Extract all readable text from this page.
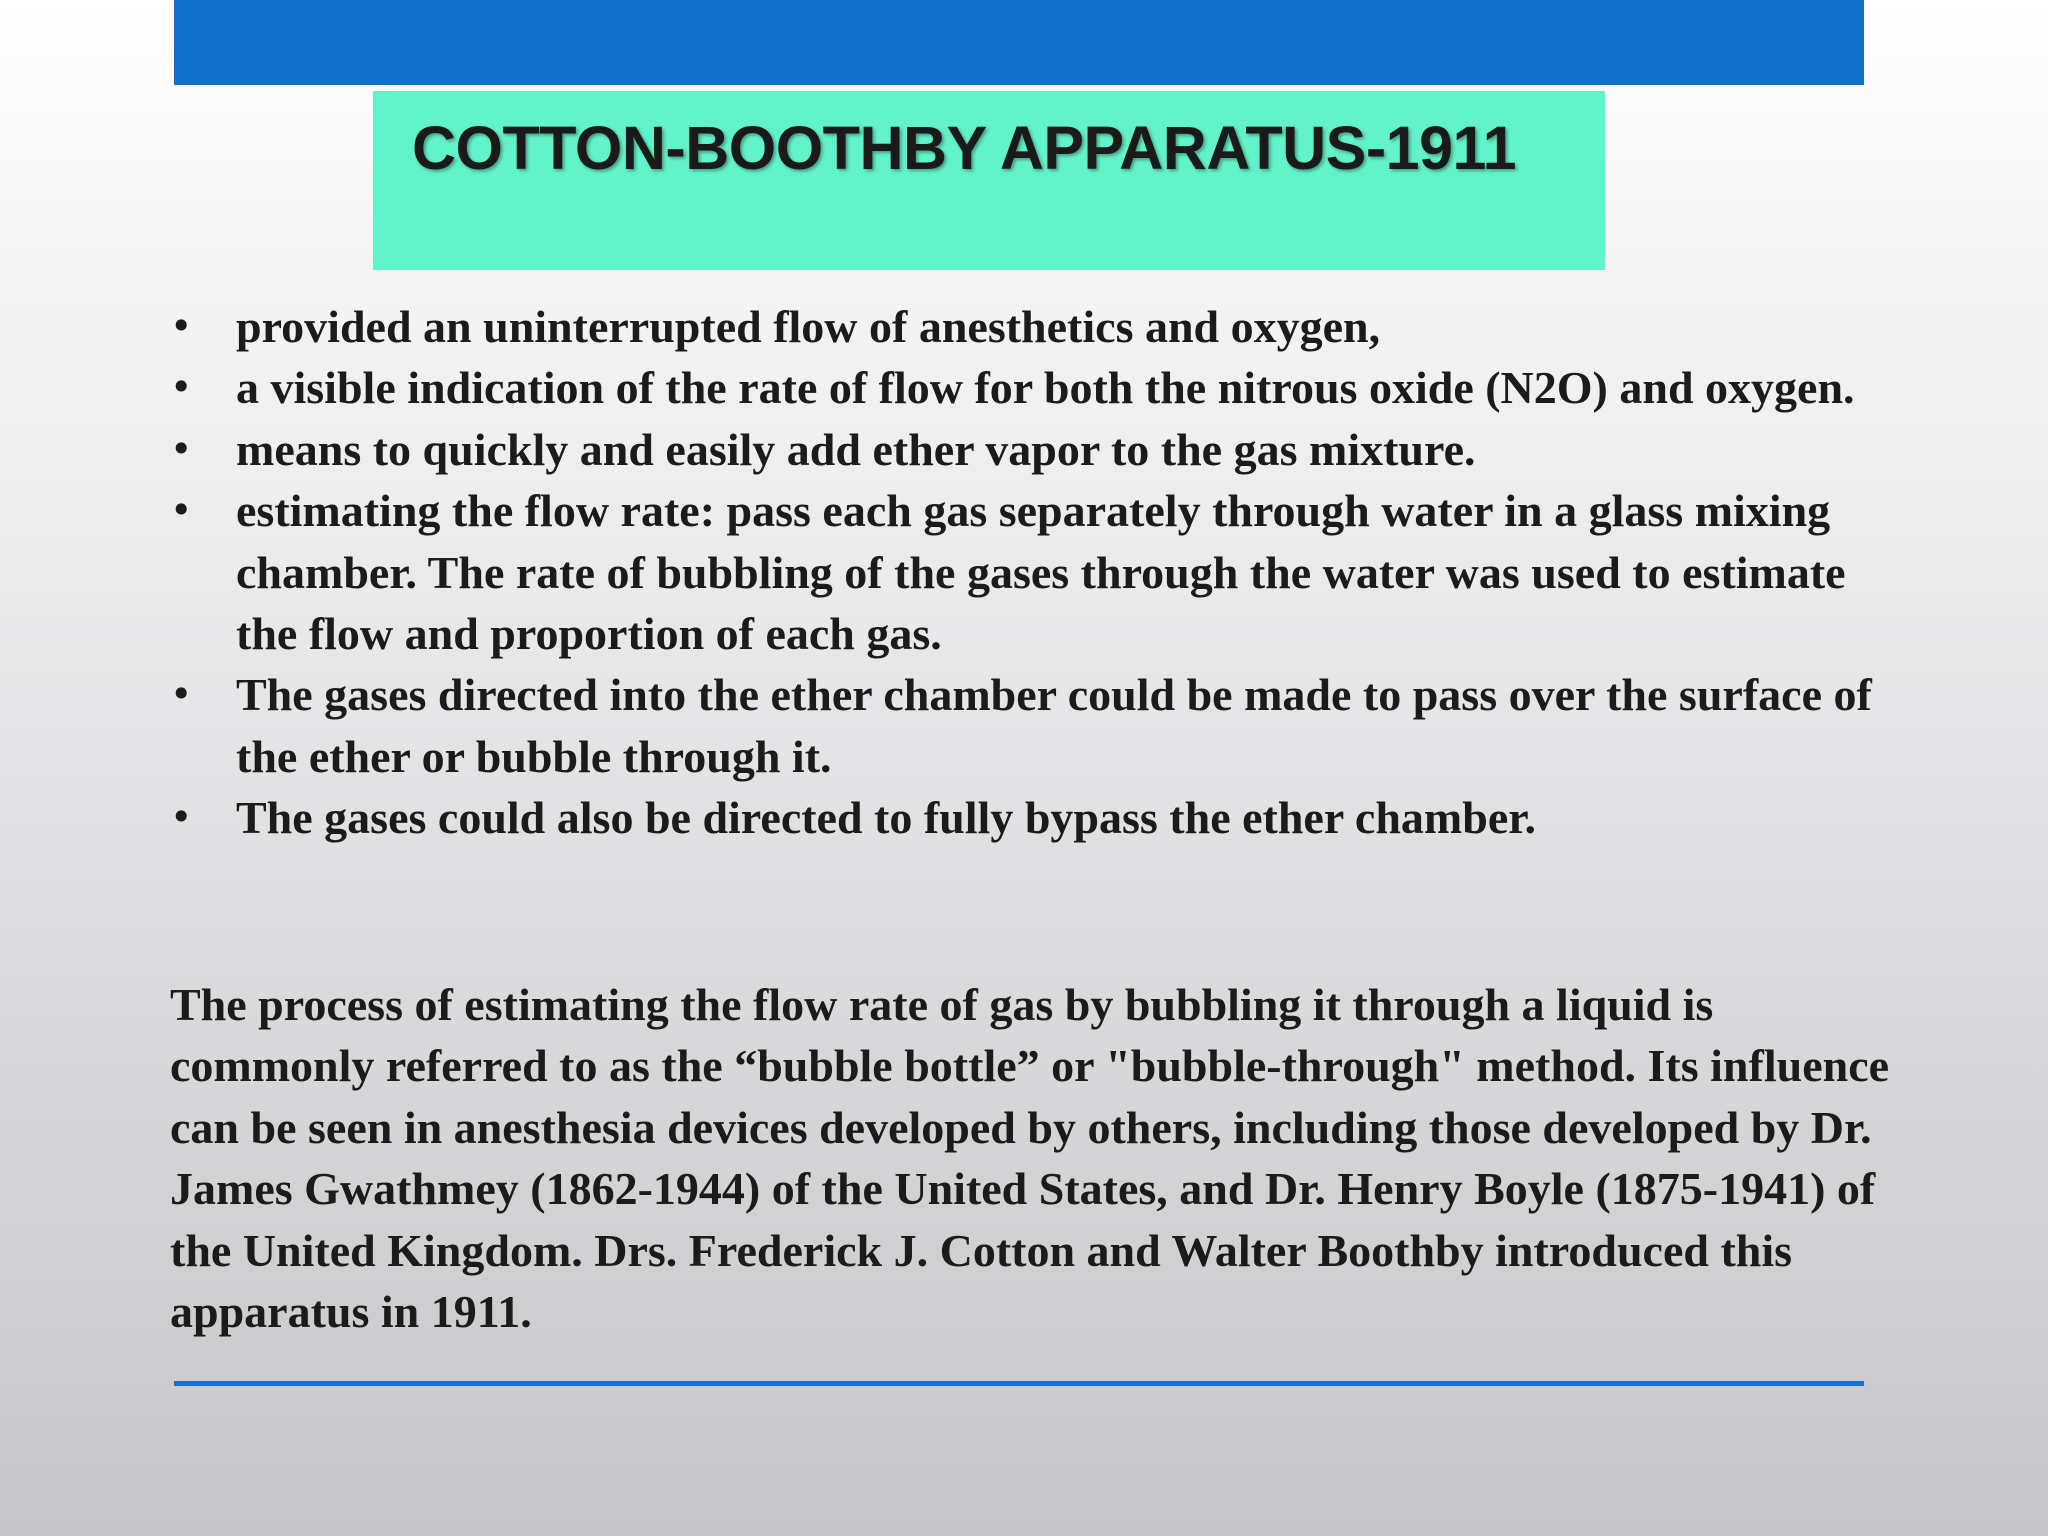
COTTON-BOOTHBY APPARATUS-1911
• provided an uninterrupted flow of anesthetics and oxygen,
• a visible indication of the rate of flow for both the nitrous oxide (N2O) and oxygen.
• means to quickly and easily add ether vapor to the gas mixture.
• estimating the flow rate: pass each gas separately through water in a glass mixing chamber. The rate of bubbling of the gases through the water was used to estimate the flow and proportion of each gas.
• The gases directed into the ether chamber could be made to pass over the surface of the ether or bubble through it.
• The gases could also be directed to fully bypass the ether chamber.

The process of estimating the flow rate of gas by bubbling it through a liquid is commonly referred to as the “bubble bottle” or "bubble-through" method. Its influence can be seen in anesthesia devices developed by others, including those developed by Dr. James Gwathmey (1862-1944) of the United States, and Dr. Henry Boyle (1875-1941) of the United Kingdom. Drs. Frederick J. Cotton and Walter Boothby introduced this apparatus in 1911.
